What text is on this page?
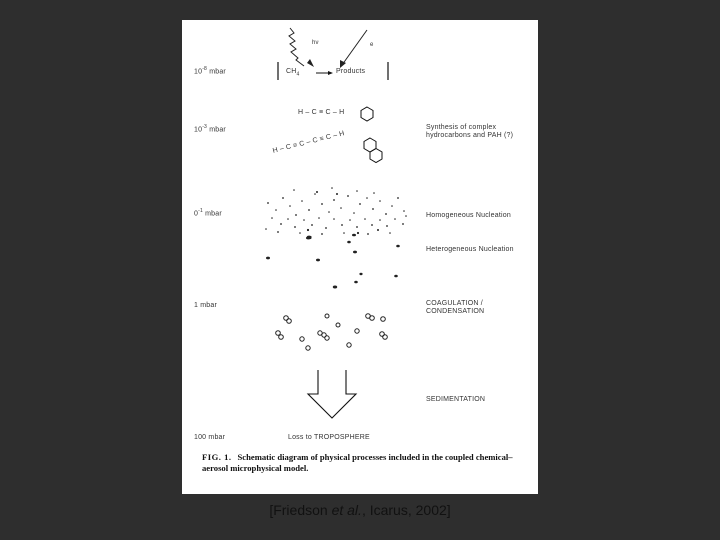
$10^{-8}$ mbar
$10^{-3}$ mbar
$0^{-1}$ mbar
1 mbar
100 mbar
hν	e
$CH_4$	Products
H – C ≡ C – H
H – C ≡ C – C ≡ C – H
Synthesis of complex
hydrocarbons and PAH (?)
Homogeneous Nucleation
Heterogeneous Nucleation
COAGULATION /
CONDENSATION
SEDIMENTATION
Loss to TROPOSPHERE
FIG. 1. Schematic diagram of physical processes included in the coupled chemical–aerosol microphysical model.
[Friedson et al., Icarus, 2002]
